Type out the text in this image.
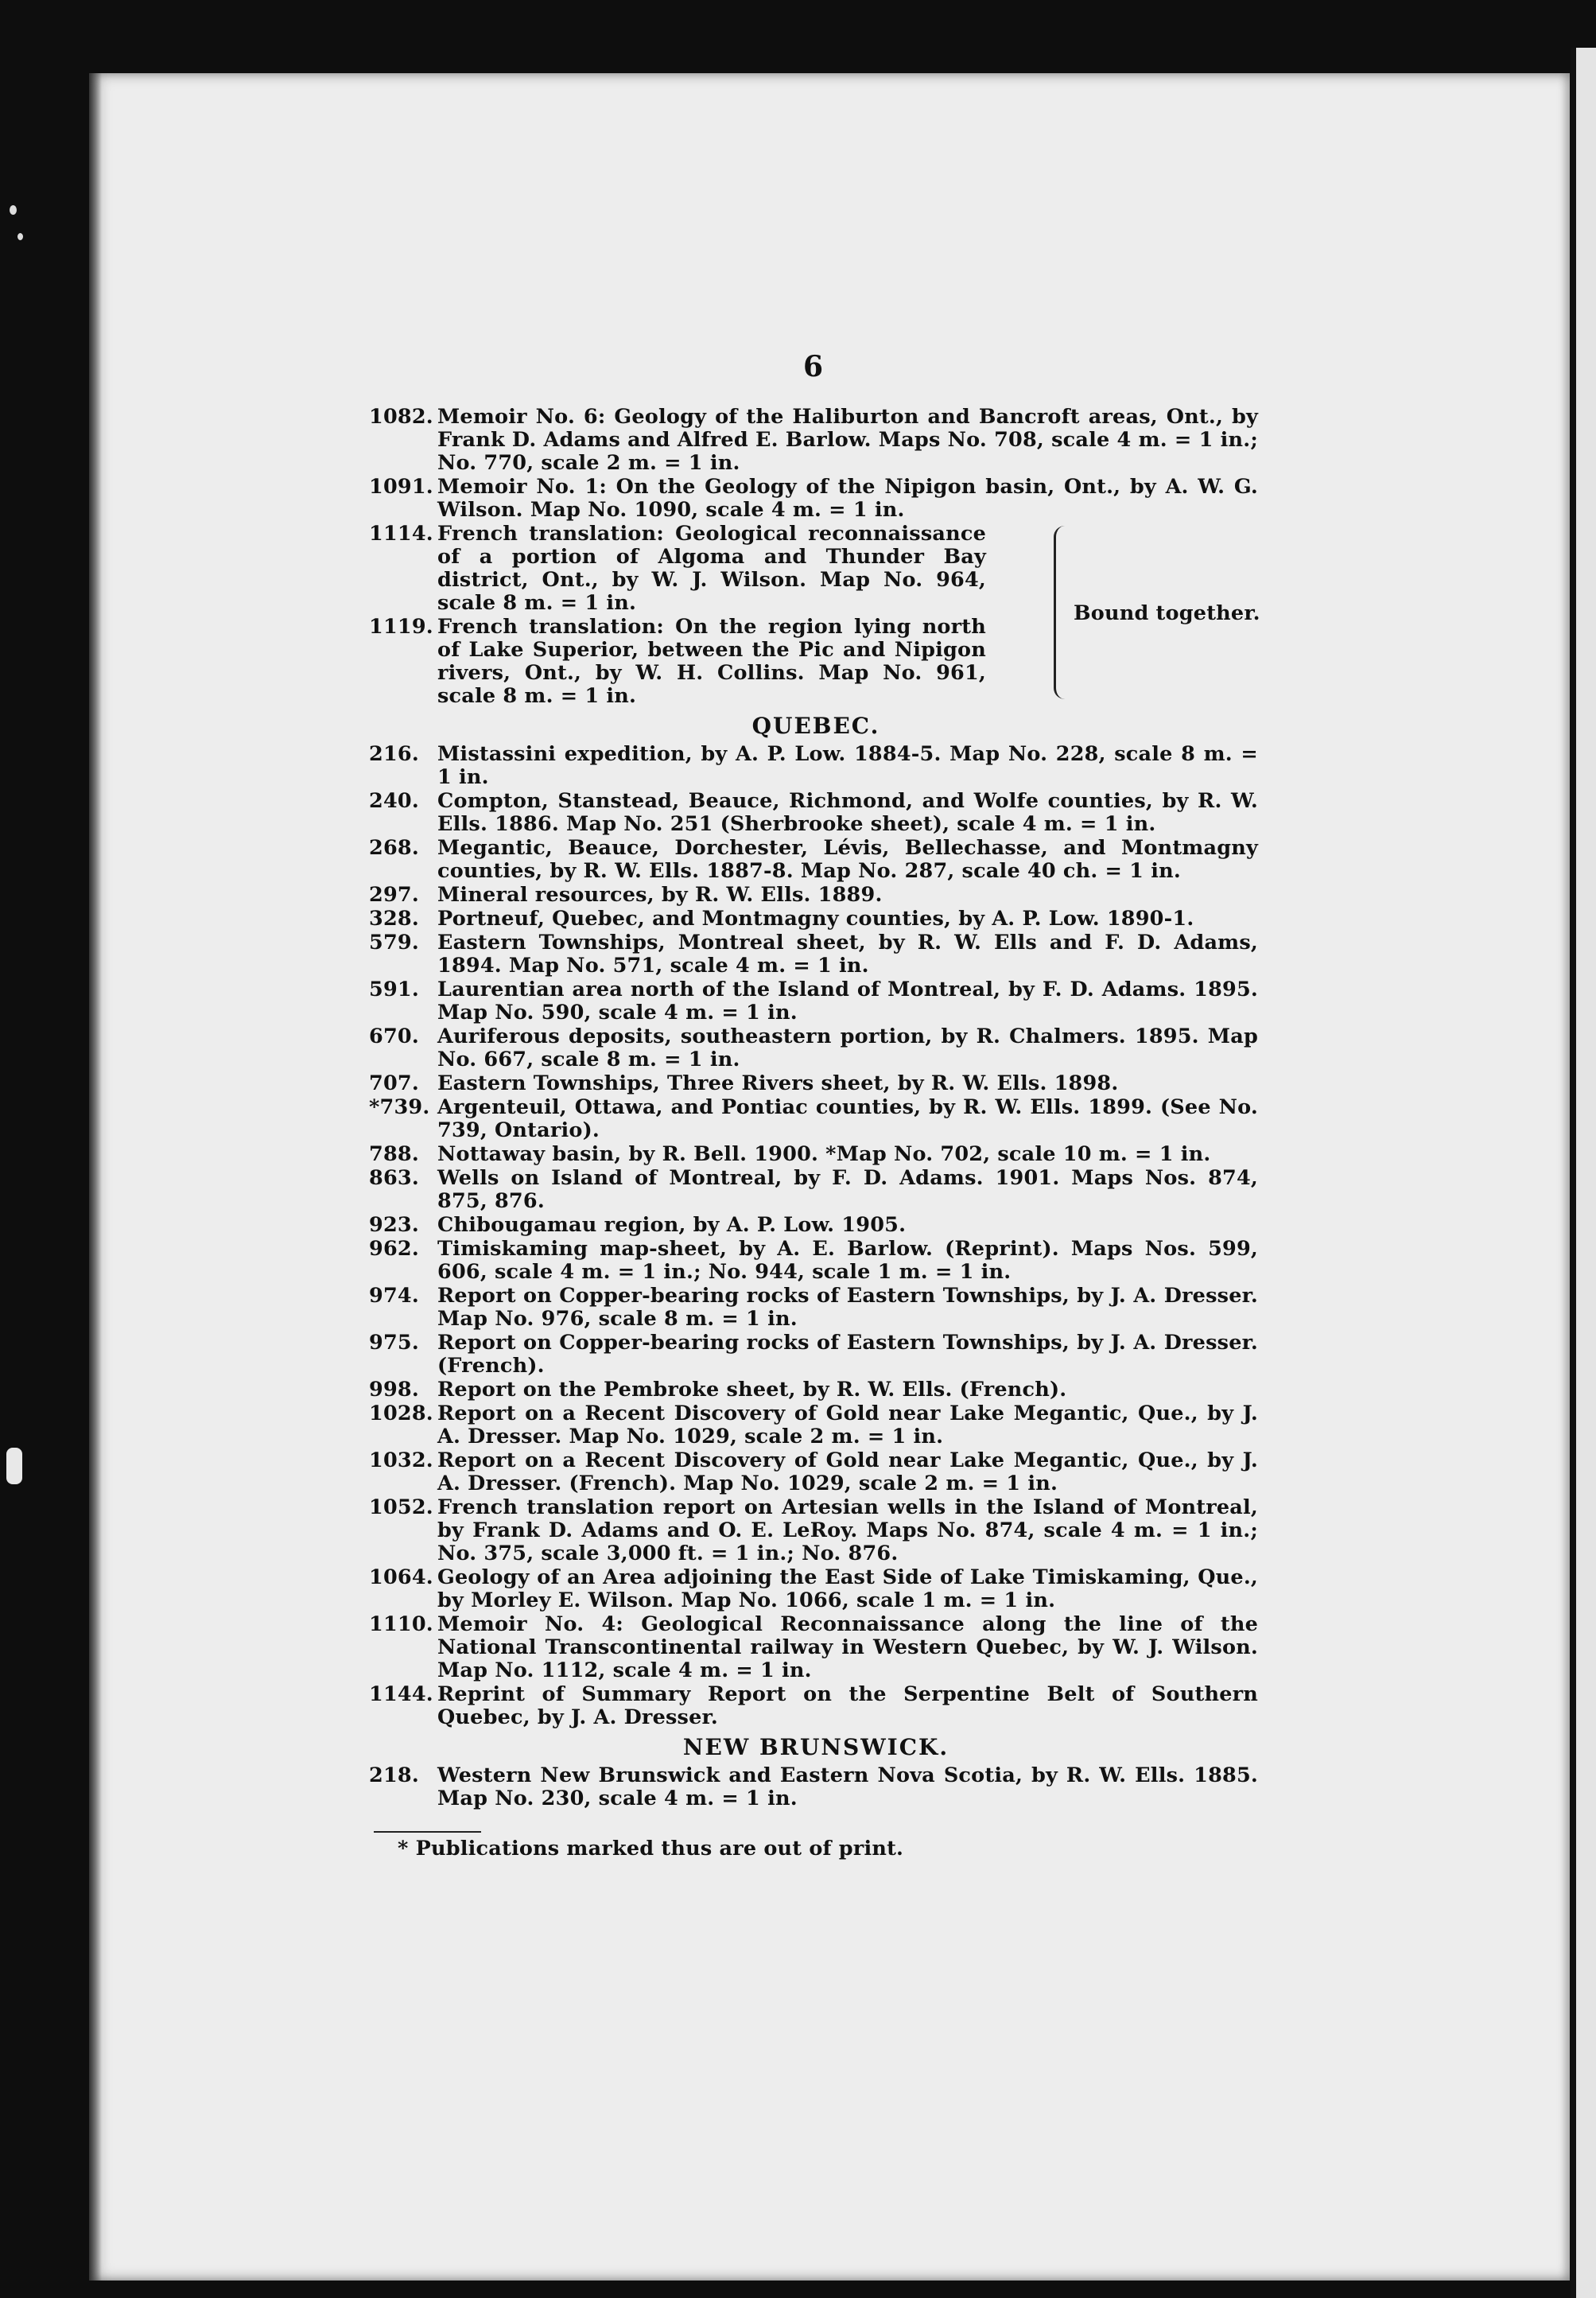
6
1082. Memoir No. 6: Geology of the Haliburton and Bancroft areas, Ont., by Frank D. Adams and Alfred E. Barlow. Maps No. 708, scale 4 m. = 1 in.; No. 770, scale 2 m. = 1 in.
1091. Memoir No. 1: On the Geology of the Nipigon basin, Ont., by A. W. G. Wilson. Map No. 1090, scale 4 m. = 1 in.
1114. French translation: Geological reconnaissance of a portion of Algoma and Thunder Bay district, Ont., by W. J. Wilson. Map No. 964, scale 8 m. = 1 in.
1119. French translation: On the region lying north of Lake Superior, between the Pic and Nipigon rivers, Ont., by W. H. Collins. Map No. 961, scale 8 m. = 1 in.
Bound together.
QUEBEC.
216. Mistassini expedition, by A. P. Low. 1884-5. Map No. 228, scale 8 m. = 1 in.
240. Compton, Stanstead, Beauce, Richmond, and Wolfe counties, by R. W. Ells. 1886. Map No. 251 (Sherbrooke sheet), scale 4 m. = 1 in.
268. Megantic, Beauce, Dorchester, Lévis, Bellechasse, and Montmagny counties, by R. W. Ells. 1887-8. Map No. 287, scale 40 ch. = 1 in.
297. Mineral resources, by R. W. Ells. 1889.
328. Portneuf, Quebec, and Montmagny counties, by A. P. Low. 1890-1.
579. Eastern Townships, Montreal sheet, by R. W. Ells and F. D. Adams, 1894. Map No. 571, scale 4 m. = 1 in.
591. Laurentian area north of the Island of Montreal, by F. D. Adams. 1895. Map No. 590, scale 4 m. = 1 in.
670. Auriferous deposits, southeastern portion, by R. Chalmers. 1895. Map No. 667, scale 8 m. = 1 in.
707. Eastern Townships, Three Rivers sheet, by R. W. Ells. 1898.
*739. Argenteuil, Ottawa, and Pontiac counties, by R. W. Ells. 1899. (See No. 739, Ontario).
788. Nottaway basin, by R. Bell. 1900. *Map No. 702, scale 10 m. = 1 in.
863. Wells on Island of Montreal, by F. D. Adams. 1901. Maps Nos. 874, 875, 876.
923. Chibougamau region, by A. P. Low. 1905.
962. Timiskaming map-sheet, by A. E. Barlow. (Reprint). Maps Nos. 599, 606, scale 4 m. = 1 in.; No. 944, scale 1 m. = 1 in.
974. Report on Copper-bearing rocks of Eastern Townships, by J. A. Dresser. Map No. 976, scale 8 m. = 1 in.
975. Report on Copper-bearing rocks of Eastern Townships, by J. A. Dresser. (French).
998. Report on the Pembroke sheet, by R. W. Ells. (French).
1028. Report on a Recent Discovery of Gold near Lake Megantic, Que., by J. A. Dresser. Map No. 1029, scale 2 m. = 1 in.
1032. Report on a Recent Discovery of Gold near Lake Megantic, Que., by J. A. Dresser. (French). Map No. 1029, scale 2 m. = 1 in.
1052. French translation report on Artesian wells in the Island of Montreal, by Frank D. Adams and O. E. LeRoy. Maps No. 874, scale 4 m. = 1 in.; No. 375, scale 3,000 ft. = 1 in.; No. 876.
1064. Geology of an Area adjoining the East Side of Lake Timiskaming, Que., by Morley E. Wilson. Map No. 1066, scale 1 m. = 1 in.
1110. Memoir No. 4: Geological Reconnaissance along the line of the National Transcontinental railway in Western Quebec, by W. J. Wilson. Map No. 1112, scale 4 m. = 1 in.
1144. Reprint of Summary Report on the Serpentine Belt of Southern Quebec, by J. A. Dresser.
NEW BRUNSWICK.
218. Western New Brunswick and Eastern Nova Scotia, by R. W. Ells. 1885. Map No. 230, scale 4 m. = 1 in.
* Publications marked thus are out of print.
